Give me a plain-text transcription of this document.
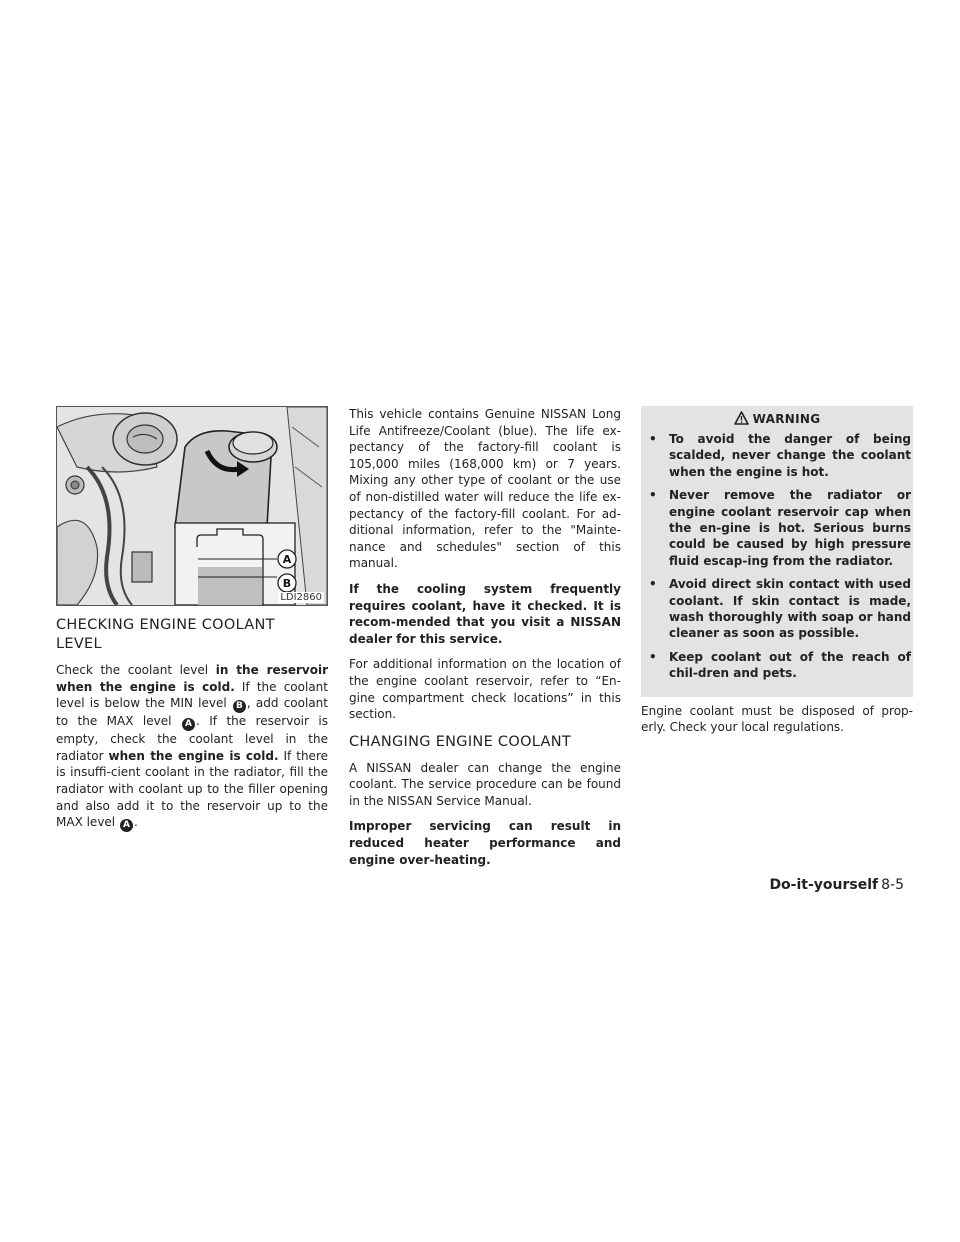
A
B
LDI2860
CHECKING ENGINE COOLANT
LEVEL

Check the coolant level in the reservoir when the engine is cold. If the coolant level is below the MIN level B , add coolant to the MAX level A . If the reservoir is empty, check the coolant level in the radiator when the engine is cold. If there is insuffi-cient coolant in the radiator, fill the radiator with coolant up to the filler opening and also add it to the reservoir up to the MAX level A .

This vehicle contains Genuine NISSAN Long Life Antifreeze/Coolant (blue). The life ex-pectancy of the factory-fill coolant is 105,000 miles (168,000 km) or 7 years. Mixing any other type of coolant or the use of non-distilled water will reduce the life ex-pectancy of the factory-fill coolant. For ad-ditional information, refer to the "Mainte-nance and schedules" section of this manual.

If the cooling system frequently requires coolant, have it checked. It is recom-mended that you visit a NISSAN dealer for this service.

For additional information on the location of the engine coolant reservoir, refer to “En-gine compartment check locations” in this section.

CHANGING ENGINE COOLANT

A NISSAN dealer can change the engine coolant. The service procedure can be found in the NISSAN Service Manual.

Improper servicing can result in reduced heater performance and engine over-heating.

WARNING
• To avoid the danger of being scalded, never change the coolant when the engine is hot.
• Never remove the radiator or engine coolant reservoir cap when the en-gine is hot. Serious burns could be caused by high pressure fluid escap-ing from the radiator.
• Avoid direct skin contact with used coolant. If skin contact is made, wash thoroughly with soap or hand cleaner as soon as possible.
• Keep coolant out of the reach of chil-dren and pets.

Engine coolant must be disposed of prop-erly. Check your local regulations.

Do-it-yourself 8-5
